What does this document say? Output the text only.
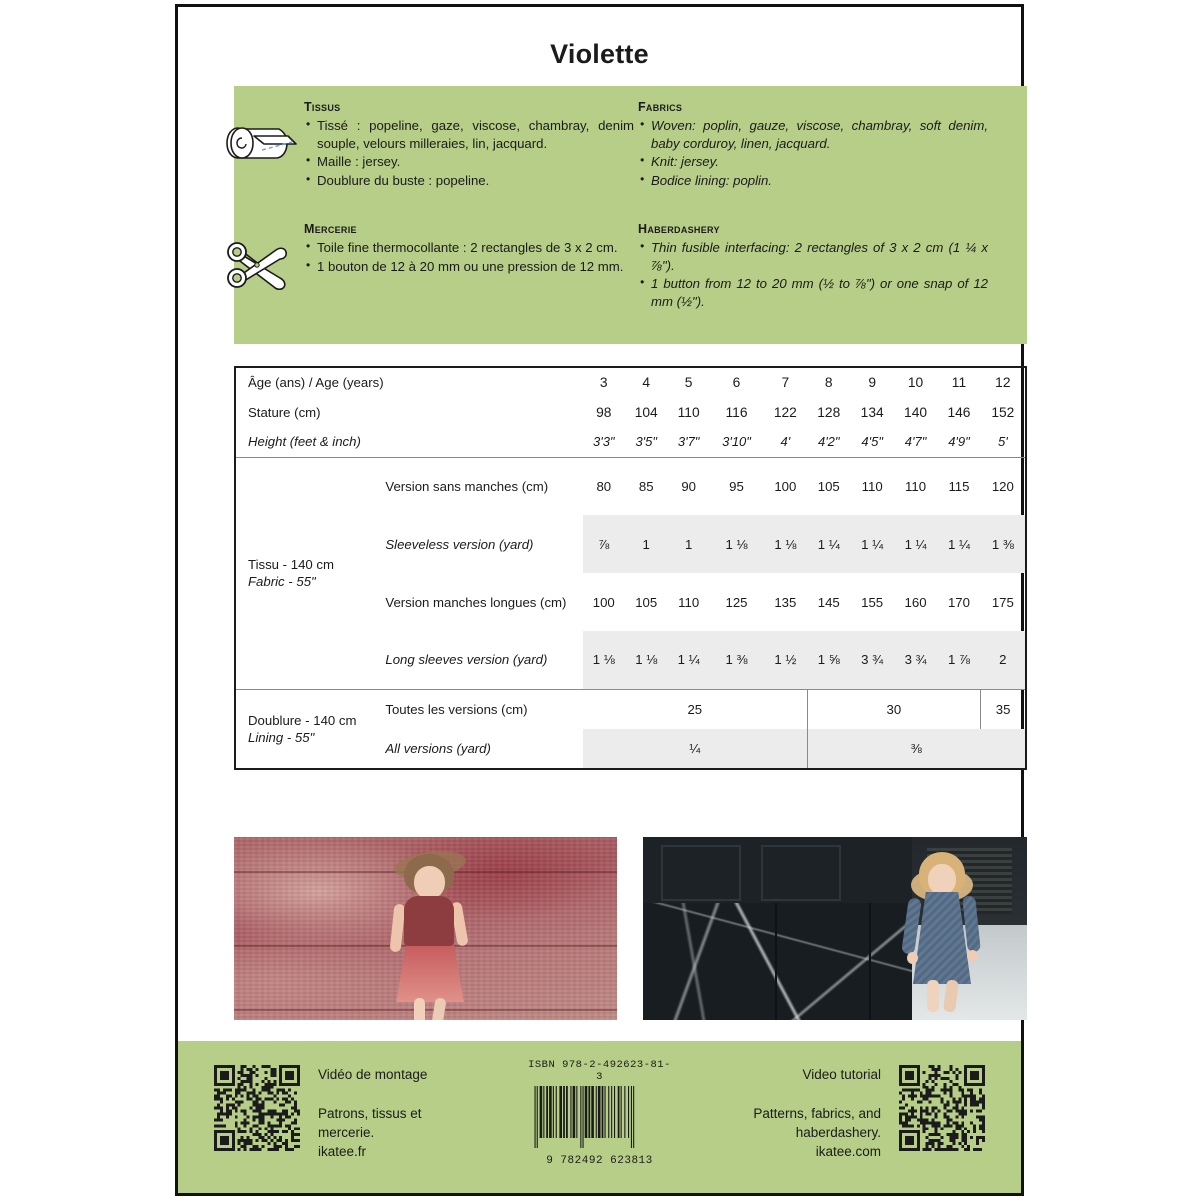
Violette
Tissus
• Tissé : popeline, gaze, viscose, chambray, denim souple, velours milleraies, lin, jacquard.
• Maille : jersey.
• Doublure du buste : popeline.
Fabrics
• Woven: poplin, gauze, viscose, chambray, soft denim, baby corduroy, linen, jacquard.
• Knit: jersey.
• Bodice lining: poplin.
Mercerie
• Toile fine thermocollante : 2 rectangles de 3 x 2 cm.
• 1 bouton de 12 à 20 mm ou une pression de 12 mm.
Haberdashery
• Thin fusible interfacing: 2 rectangles of 3 x 2 cm (1 ¼ x ⅞").
• 1 button from 12 to 20 mm (½ to ⅞") or one snap of 12 mm (½").
Âge (ans) / Age (years)		3	4	5	6	7	8	9	10	11	12
Stature (cm)		98	104	110	116	122	128	134	140	146	152
Height (feet & inch)		3'3"	3'5"	3'7"	3'10"	4'	4'2"	4'5"	4'7"	4'9"	5'

Tissu - 140 cm
Fabric - 55"	Version sans manches (cm)	80	85	90	95	100	105	110	110	115	120
	Sleeveless version (yard)	⅞	1	1	1 ⅛	1 ⅛	1 ¼	1 ¼	1 ¼	1 ¼	1 ⅜
	Version manches longues (cm)	100	105	110	125	135	145	155	160	170	175
	Long sleeves version (yard)	1 ⅛	1 ⅛	1 ¼	1 ⅜	1 ½	1 ⅝	3 ¾	3 ¾	1 ⅞	2

Doublure - 140 cm
Lining - 55"	Toutes les versions (cm)	25					30				35
	All versions (yard)	¼					⅜				
Vidéo de montage
Patrons, tissus et
mercerie.
ikatee.fr
ISBN 978-2-492623-81-3
9 782492 623813
Video tutorial
Patterns, fabrics, and
haberdashery.
ikatee.com
